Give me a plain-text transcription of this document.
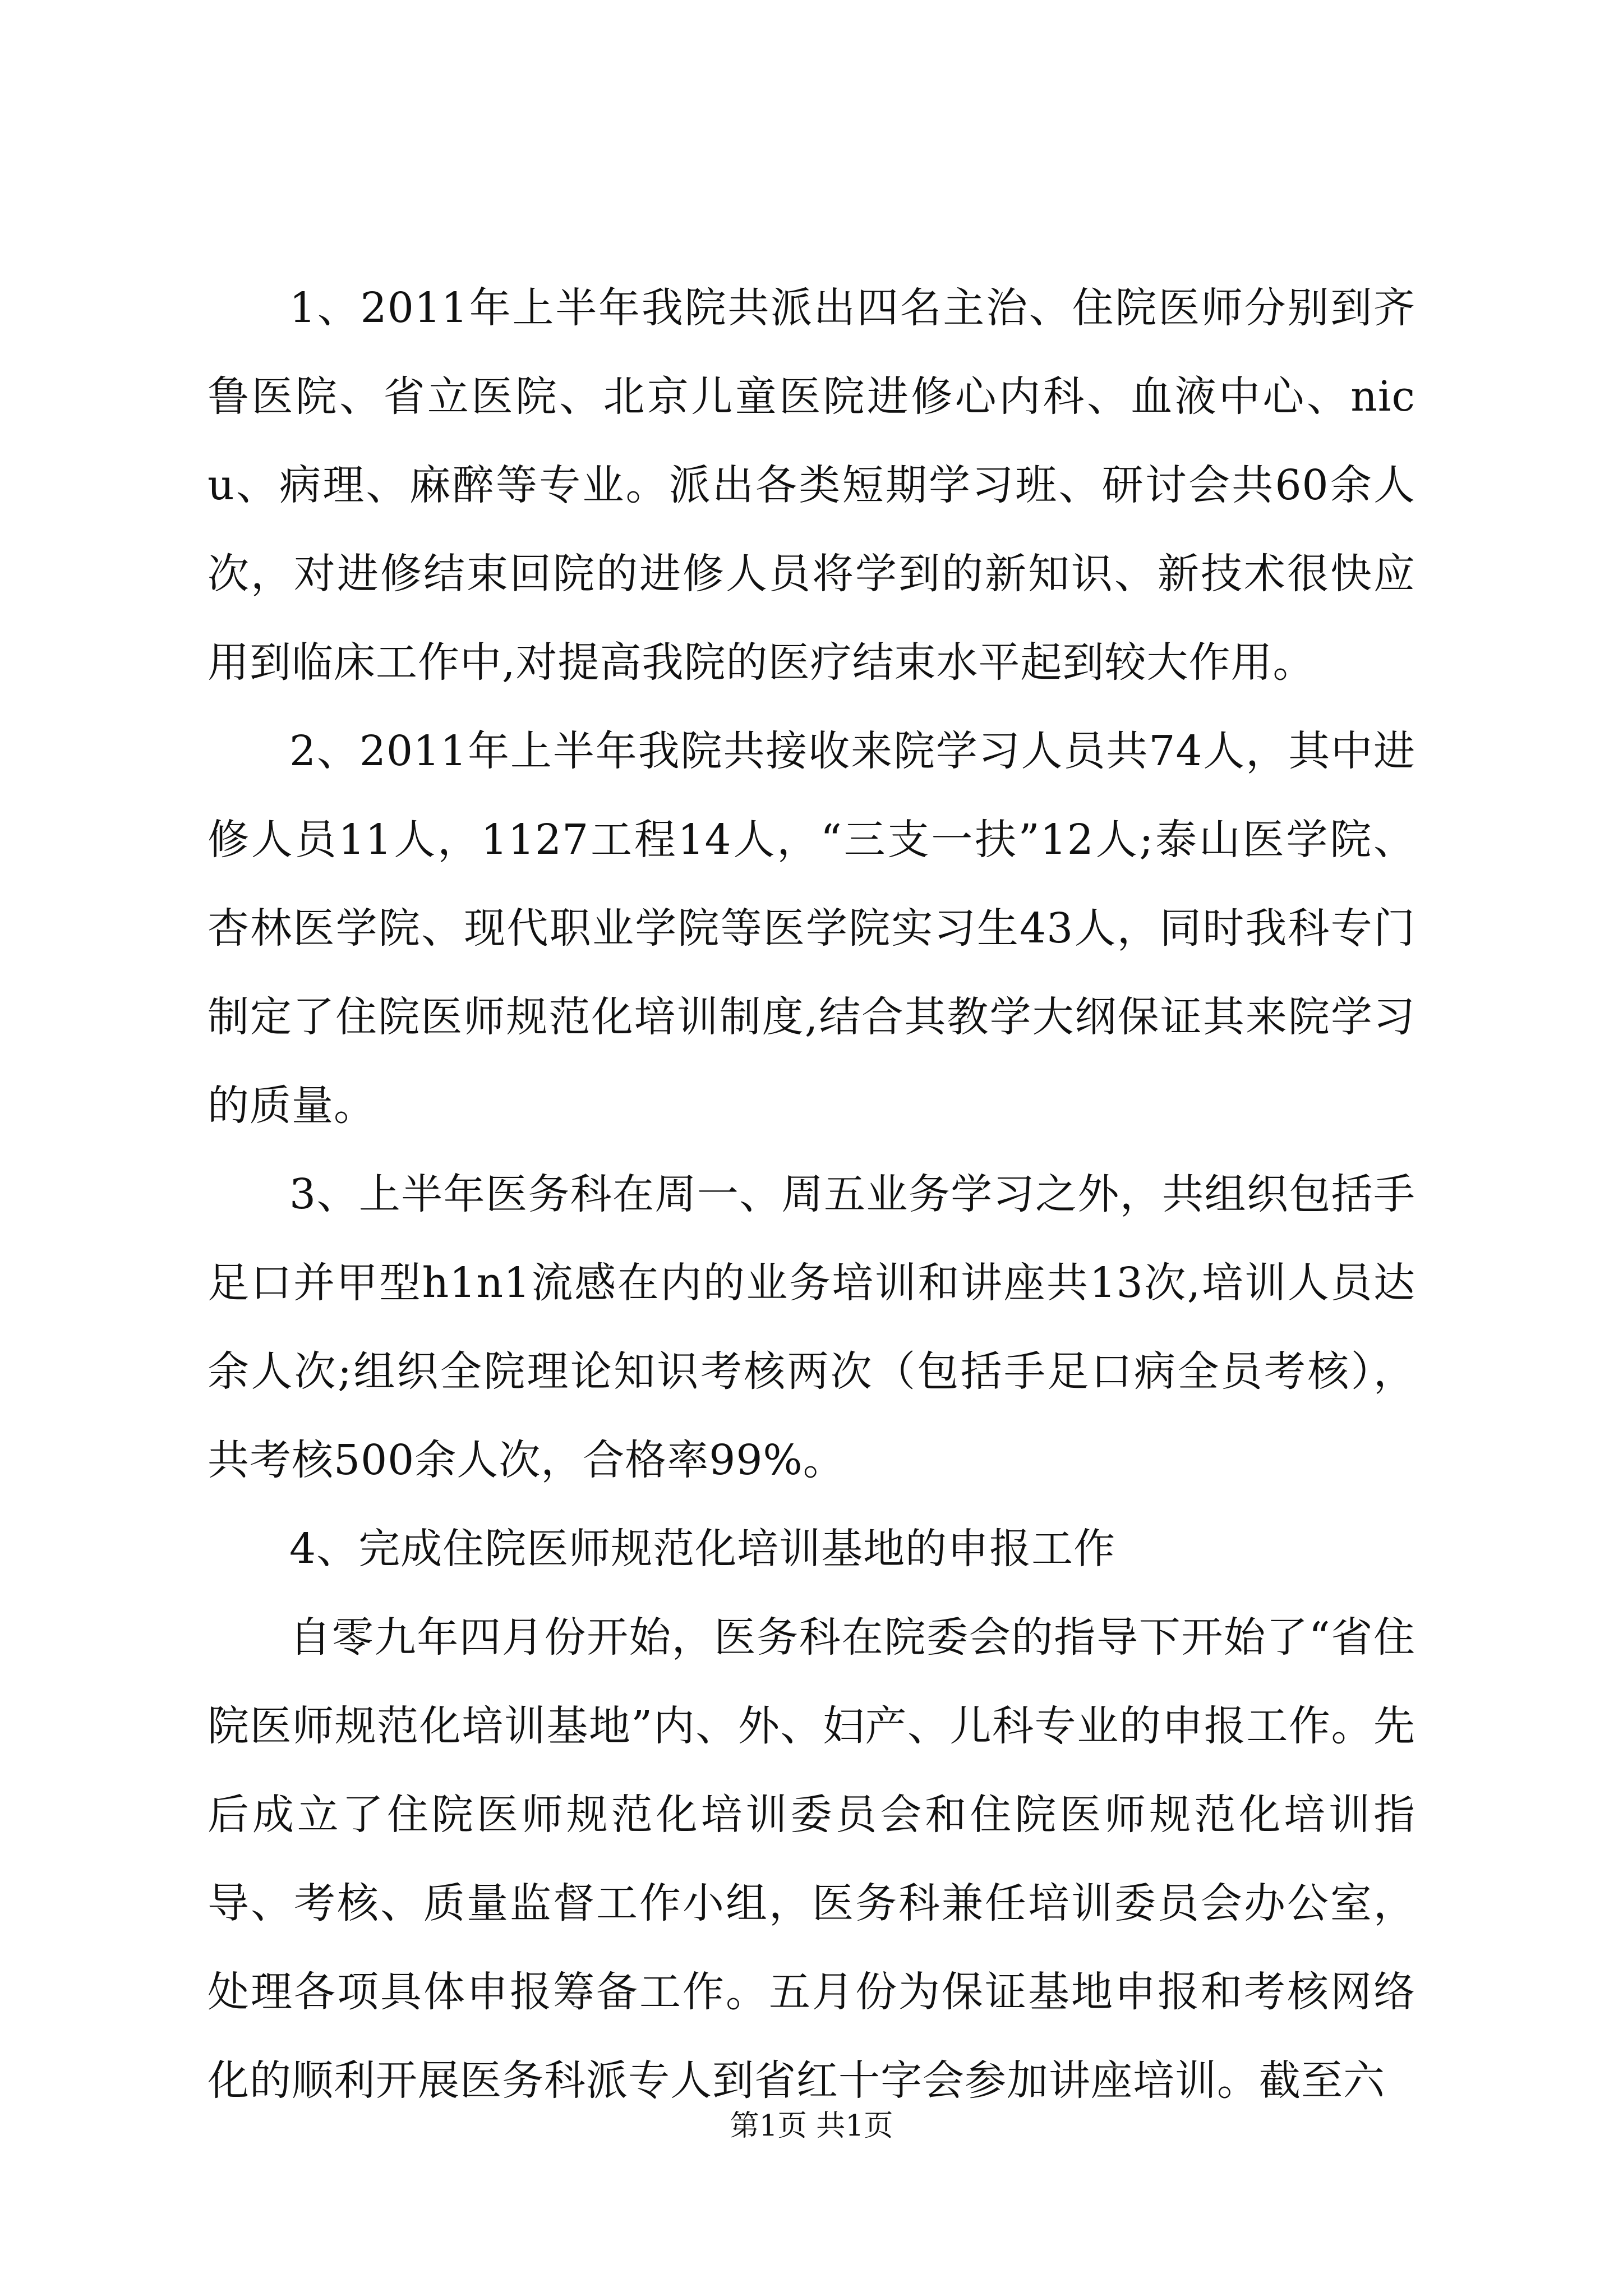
1、2011年上半年我院共派出四名主治、住院医师分别到齐鲁医院、省立医院、北京儿童医院进修心内科、血液中心、nicu、病理、麻醉等专业。派出各类短期学习班、研讨会共60余人次，对进修结束回院的进修人员将学到的新知识、新技术很快应用到临床工作中,对提高我院的医疗结束水平起到较大作用。

2、2011年上半年我院共接收来院学习人员共74人，其中进修人员11人，1127工程14人，“三支一扶”12人;泰山医学院、杏林医学院、现代职业学院等医学院实习生43人，同时我科专门制定了住院医师规范化培训制度,结合其教学大纲保证其来院学习的质量。

3、上半年医务科在周一、周五业务学习之外，共组织包括手足口并甲型h1n1流感在内的业务培训和讲座共13次,培训人员达余人次;组织全院理论知识考核两次（包括手足口病全员考核），共考核500余人次，合格率99%。

4、完成住院医师规范化培训基地的申报工作

自零九年四月份开始，医务科在院委会的指导下开始了“省住院医师规范化培训基地”内、外、妇产、儿科专业的申报工作。先后成立了住院医师规范化培训委员会和住院医师规范化培训指导、考核、质量监督工作小组，医务科兼任培训委员会办公室，处理各项具体申报筹备工作。五月份为保证基地申报和考核网络化的顺利开展医务科派专人到省红十字会参加讲座培训。截至六

第1页 共1页
